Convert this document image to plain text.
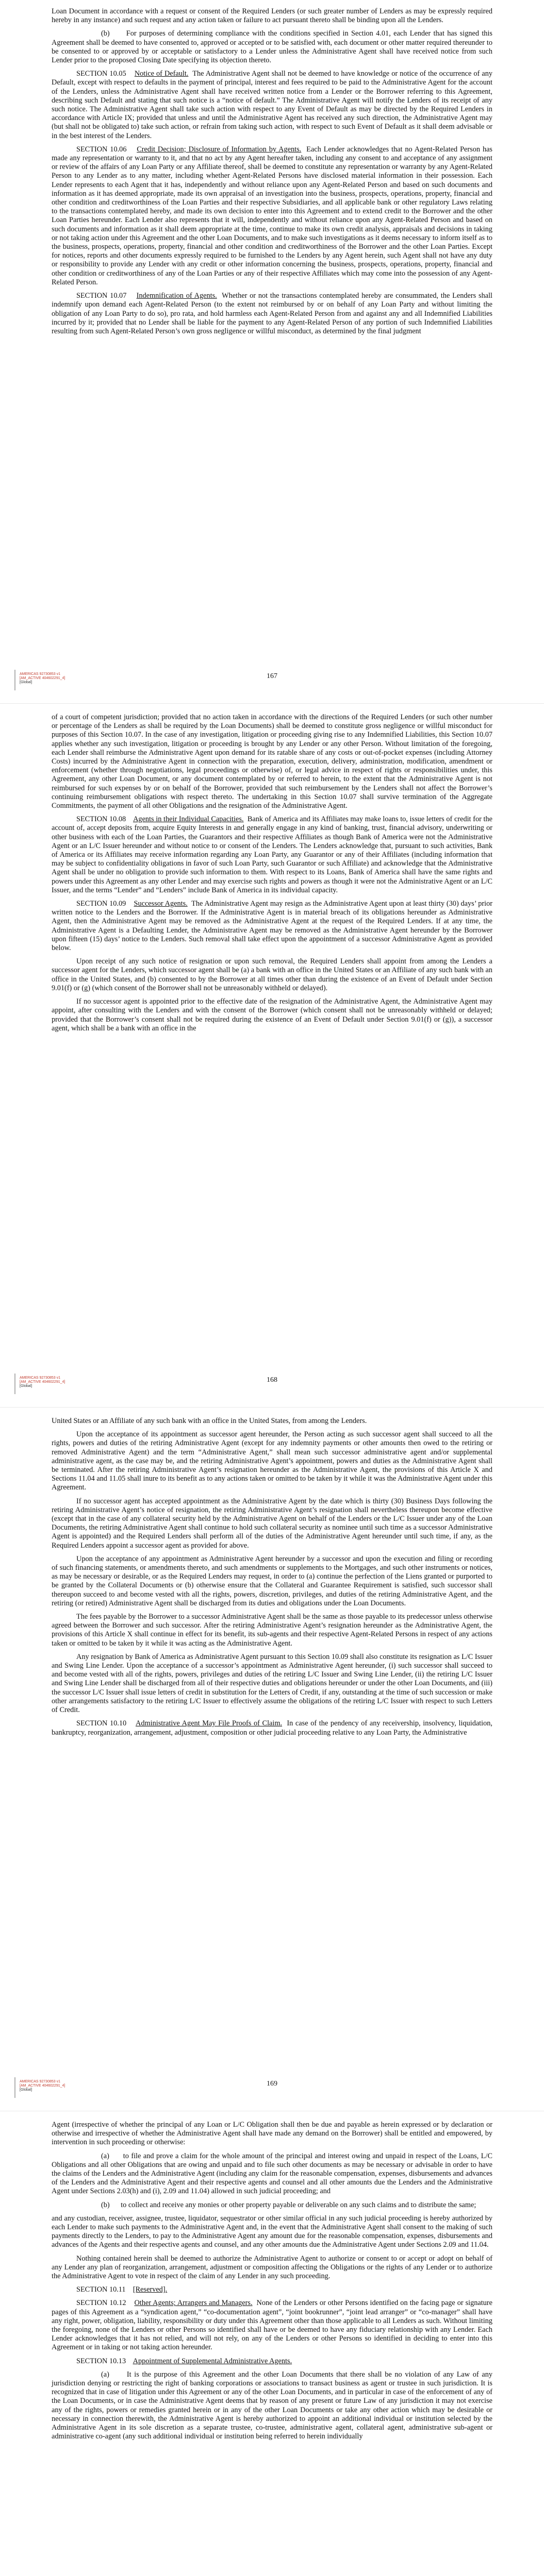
Loan Document in accordance with a request or consent of the Required Lenders (or such greater number of Lenders as may be expressly required hereby in any instance) and such request and any action taken or failure to act pursuant thereto shall be binding upon all the Lenders.

(b) For purposes of determining compliance with the conditions specified in Section 4.01, each Lender that has signed this Agreement shall be deemed to have consented to, approved or accepted or to be satisfied with, each document or other matter required thereunder to be consented to or approved by or acceptable or satisfactory to a Lender unless the Administrative Agent shall have received notice from such Lender prior to the proposed Closing Date specifying its objection thereto.

SECTION 10.05 Notice of Default. The Administrative Agent shall not be deemed to have knowledge or notice of the occurrence of any Default, except with respect to defaults in the payment of principal, interest and fees required to be paid to the Administrative Agent for the account of the Lenders, unless the Administrative Agent shall have received written notice from a Lender or the Borrower referring to this Agreement, describing such Default and stating that such notice is a “notice of default.” The Administrative Agent will notify the Lenders of its receipt of any such notice. The Administrative Agent shall take such action with respect to any Event of Default as may be directed by the Required Lenders in accordance with Article IX; provided that unless and until the Administrative Agent has received any such direction, the Administrative Agent may (but shall not be obligated to) take such action, or refrain from taking such action, with respect to such Event of Default as it shall deem advisable or in the best interest of the Lenders.

SECTION 10.06 Credit Decision; Disclosure of Information by Agents. Each Lender acknowledges that no Agent-Related Person has made any representation or warranty to it, and that no act by any Agent hereafter taken, including any consent to and acceptance of any assignment or review of the affairs of any Loan Party or any Affiliate thereof, shall be deemed to constitute any representation or warranty by any Agent-Related Person to any Lender as to any matter, including whether Agent-Related Persons have disclosed material information in their possession. Each Lender represents to each Agent that it has, independently and without reliance upon any Agent-Related Person and based on such documents and information as it has deemed appropriate, made its own appraisal of an investigation into the business, prospects, operations, property, financial and other condition and creditworthiness of the Loan Parties and their respective Subsidiaries, and all applicable bank or other regulatory Laws relating to the transactions contemplated hereby, and made its own decision to enter into this Agreement and to extend credit to the Borrower and the other Loan Parties hereunder. Each Lender also represents that it will, independently and without reliance upon any Agent-Related Person and based on such documents and information as it shall deem appropriate at the time, continue to make its own credit analysis, appraisals and decisions in taking or not taking action under this Agreement and the other Loan Documents, and to make such investigations as it deems necessary to inform itself as to the business, prospects, operations, property, financial and other condition and creditworthiness of the Borrower and the other Loan Parties. Except for notices, reports and other documents expressly required to be furnished to the Lenders by any Agent herein, such Agent shall not have any duty or responsibility to provide any Lender with any credit or other information concerning the business, prospects, operations, property, financial and other condition or creditworthiness of any of the Loan Parties or any of their respective Affiliates which may come into the possession of any Agent-Related Person.

SECTION 10.07 Indemnification of Agents. Whether or not the transactions contemplated hereby are consummated, the Lenders shall indemnify upon demand each Agent-Related Person (to the extent not reimbursed by or on behalf of any Loan Party and without limiting the obligation of any Loan Party to do so), pro rata, and hold harmless each Agent-Related Person from and against any and all Indemnified Liabilities incurred by it; provided that no Lender shall be liable for the payment to any Agent-Related Person of any portion of such Indemnified Liabilities resulting from such Agent-Related Person’s own gross negligence or willful misconduct, as determined by the final judgment

AMERICAS 92730853 v1
[AM_ACTIVE 404602291_4]
[Global]
167

of a court of competent jurisdiction; provided that no action taken in accordance with the directions of the Required Lenders (or such other number or percentage of the Lenders as shall be required by the Loan Documents) shall be deemed to constitute gross negligence or willful misconduct for purposes of this Section 10.07. In the case of any investigation, litigation or proceeding giving rise to any Indemnified Liabilities, this Section 10.07 applies whether any such investigation, litigation or proceeding is brought by any Lender or any other Person. Without limitation of the foregoing, each Lender shall reimburse the Administrative Agent upon demand for its ratable share of any costs or out-of-pocket expenses (including Attorney Costs) incurred by the Administrative Agent in connection with the preparation, execution, delivery, administration, modification, amendment or enforcement (whether through negotiations, legal proceedings or otherwise) of, or legal advice in respect of rights or responsibilities under, this Agreement, any other Loan Document, or any document contemplated by or referred to herein, to the extent that the Administrative Agent is not reimbursed for such expenses by or on behalf of the Borrower, provided that such reimbursement by the Lenders shall not affect the Borrower’s continuing reimbursement obligations with respect thereto. The undertaking in this Section 10.07 shall survive termination of the Aggregate Commitments, the payment of all other Obligations and the resignation of the Administrative Agent.

SECTION 10.08 Agents in their Individual Capacities. Bank of America and its Affiliates may make loans to, issue letters of credit for the account of, accept deposits from, acquire Equity Interests in and generally engage in any kind of banking, trust, financial advisory, underwriting or other business with each of the Loan Parties, the Guarantors and their respective Affiliates as though Bank of America were not the Administrative Agent or an L/C Issuer hereunder and without notice to or consent of the Lenders. The Lenders acknowledge that, pursuant to such activities, Bank of America or its Affiliates may receive information regarding any Loan Party, any Guarantor or any of their Affiliates (including information that may be subject to confidentiality obligations in favor of such Loan Party, such Guarantor or such Affiliate) and acknowledge that the Administrative Agent shall be under no obligation to provide such information to them. With respect to its Loans, Bank of America shall have the same rights and powers under this Agreement as any other Lender and may exercise such rights and powers as though it were not the Administrative Agent or an L/C Issuer, and the terms “Lender” and “Lenders” include Bank of America in its individual capacity.

SECTION 10.09 Successor Agents. The Administrative Agent may resign as the Administrative Agent upon at least thirty (30) days’ prior written notice to the Lenders and the Borrower. If the Administrative Agent is in material breach of its obligations hereunder as Administrative Agent, then the Administrative Agent may be removed as the Administrative Agent at the request of the Required Lenders. If at any time, the Administrative Agent is a Defaulting Lender, the Administrative Agent may be removed as the Administrative Agent hereunder by the Borrower upon fifteen (15) days’ notice to the Lenders. Such removal shall take effect upon the appointment of a successor Administrative Agent as provided below.

Upon receipt of any such notice of resignation or upon such removal, the Required Lenders shall appoint from among the Lenders a successor agent for the Lenders, which successor agent shall be (a) a bank with an office in the United States or an Affiliate of any such bank with an office in the United States, and (b) consented to by the Borrower at all times other than during the existence of an Event of Default under Section 9.01(f) or (g) (which consent of the Borrower shall not be unreasonably withheld or delayed).

If no successor agent is appointed prior to the effective date of the resignation of the Administrative Agent, the Administrative Agent may appoint, after consulting with the Lenders and with the consent of the Borrower (which consent shall not be unreasonably withheld or delayed; provided that the Borrower’s consent shall not be required during the existence of an Event of Default under Section 9.01(f) or (g)), a successor agent, which shall be a bank with an office in the

AMERICAS 92730853 v1
[AM_ACTIVE 404602291_4]
[Global]
168

United States or an Affiliate of any such bank with an office in the United States, from among the Lenders.

Upon the acceptance of its appointment as successor agent hereunder, the Person acting as such successor agent shall succeed to all the rights, powers and duties of the retiring Administrative Agent (except for any indemnity payments or other amounts then owed to the retiring or removed Administrative Agent) and the term “Administrative Agent,” shall mean such successor administrative agent and/or supplemental administrative agent, as the case may be, and the retiring Administrative Agent’s appointment, powers and duties as the Administrative Agent shall be terminated. After the retiring Administrative Agent’s resignation hereunder as the Administrative Agent, the provisions of this Article X and Sections 11.04 and 11.05 shall inure to its benefit as to any actions taken or omitted to be taken by it while it was the Administrative Agent under this Agreement.

If no successor agent has accepted appointment as the Administrative Agent by the date which is thirty (30) Business Days following the retiring Administrative Agent’s notice of resignation, the retiring Administrative Agent’s resignation shall nevertheless thereupon become effective (except that in the case of any collateral security held by the Administrative Agent on behalf of the Lenders or the L/C Issuer under any of the Loan Documents, the retiring Administrative Agent shall continue to hold such collateral security as nominee until such time as a successor Administrative Agent is appointed) and the Required Lenders shall perform all of the duties of the Administrative Agent hereunder until such time, if any, as the Required Lenders appoint a successor agent as provided for above.

Upon the acceptance of any appointment as Administrative Agent hereunder by a successor and upon the execution and filing or recording of such financing statements, or amendments thereto, and such amendments or supplements to the Mortgages, and such other instruments or notices, as may be necessary or desirable, or as the Required Lenders may request, in order to (a) continue the perfection of the Liens granted or purported to be granted by the Collateral Documents or (b) otherwise ensure that the Collateral and Guarantee Requirement is satisfied, such successor shall thereupon succeed to and become vested with all the rights, powers, discretion, privileges, and duties of the retiring Administrative Agent, and the retiring (or retired) Administrative Agent shall be discharged from its duties and obligations under the Loan Documents.

The fees payable by the Borrower to a successor Administrative Agent shall be the same as those payable to its predecessor unless otherwise agreed between the Borrower and such successor. After the retiring Administrative Agent’s resignation hereunder as the Administrative Agent, the provisions of this Article X shall continue in effect for its benefit, its sub-agents and their respective Agent-Related Persons in respect of any actions taken or omitted to be taken by it while it was acting as the Administrative Agent.

Any resignation by Bank of America as Administrative Agent pursuant to this Section 10.09 shall also constitute its resignation as L/C Issuer and Swing Line Lender. Upon the acceptance of a successor’s appointment as Administrative Agent hereunder, (i) such successor shall succeed to and become vested with all of the rights, powers, privileges and duties of the retiring L/C Issuer and Swing Line Lender, (ii) the retiring L/C Issuer and Swing Line Lender shall be discharged from all of their respective duties and obligations hereunder or under the other Loan Documents, and (iii) the successor L/C Issuer shall issue letters of credit in substitution for the Letters of Credit, if any, outstanding at the time of such succession or make other arrangements satisfactory to the retiring L/C Issuer to effectively assume the obligations of the retiring L/C Issuer with respect to such Letters of Credit.

SECTION 10.10 Administrative Agent May File Proofs of Claim. In case of the pendency of any receivership, insolvency, liquidation, bankruptcy, reorganization, arrangement, adjustment, composition or other judicial proceeding relative to any Loan Party, the Administrative

AMERICAS 92730853 v1
[AM_ACTIVE 404602291_4]
[Global]
169

Agent (irrespective of whether the principal of any Loan or L/C Obligation shall then be due and payable as herein expressed or by declaration or otherwise and irrespective of whether the Administrative Agent shall have made any demand on the Borrower) shall be entitled and empowered, by intervention in such proceeding or otherwise:

(a) to file and prove a claim for the whole amount of the principal and interest owing and unpaid in respect of the Loans, L/C Obligations and all other Obligations that are owing and unpaid and to file such other documents as may be necessary or advisable in order to have the claims of the Lenders and the Administrative Agent (including any claim for the reasonable compensation, expenses, disbursements and advances of the Lenders and the Administrative Agent and their respective agents and counsel and all other amounts due the Lenders and the Administrative Agent under Sections 2.03(h) and (i), 2.09 and 11.04) allowed in such judicial proceeding; and

(b) to collect and receive any monies or other property payable or deliverable on any such claims and to distribute the same;

and any custodian, receiver, assignee, trustee, liquidator, sequestrator or other similar official in any such judicial proceeding is hereby authorized by each Lender to make such payments to the Administrative Agent and, in the event that the Administrative Agent shall consent to the making of such payments directly to the Lenders, to pay to the Administrative Agent any amount due for the reasonable compensation, expenses, disbursements and advances of the Agents and their respective agents and counsel, and any other amounts due the Administrative Agent under Sections 2.09 and 11.04.

Nothing contained herein shall be deemed to authorize the Administrative Agent to authorize or consent to or accept or adopt on behalf of any Lender any plan of reorganization, arrangement, adjustment or composition affecting the Obligations or the rights of any Lender or to authorize the Administrative Agent to vote in respect of the claim of any Lender in any such proceeding.

SECTION 10.11 [Reserved].

SECTION 10.12 Other Agents; Arrangers and Managers. None of the Lenders or other Persons identified on the facing page or signature pages of this Agreement as a “syndication agent,” “co-documentation agent”, “joint bookrunner”, “joint lead arranger” or “co-manager” shall have any right, power, obligation, liability, responsibility or duty under this Agreement other than those applicable to all Lenders as such. Without limiting the foregoing, none of the Lenders or other Persons so identified shall have or be deemed to have any fiduciary relationship with any Lender. Each Lender acknowledges that it has not relied, and will not rely, on any of the Lenders or other Persons so identified in deciding to enter into this Agreement or in taking or not taking action hereunder.

SECTION 10.13 Appointment of Supplemental Administrative Agents.

(a) It is the purpose of this Agreement and the other Loan Documents that there shall be no violation of any Law of any jurisdiction denying or restricting the right of banking corporations or associations to transact business as agent or trustee in such jurisdiction. It is recognized that in case of litigation under this Agreement or any of the other Loan Documents, and in particular in case of the enforcement of any of the Loan Documents, or in case the Administrative Agent deems that by reason of any present or future Law of any jurisdiction it may not exercise any of the rights, powers or remedies granted herein or in any of the other Loan Documents or take any other action which may be desirable or necessary in connection therewith, the Administrative Agent is hereby authorized to appoint an additional individual or institution selected by the Administrative Agent in its sole discretion as a separate trustee, co-trustee, administrative agent, collateral agent, administrative sub-agent or administrative co-agent (any such additional individual or institution being referred to herein individually
